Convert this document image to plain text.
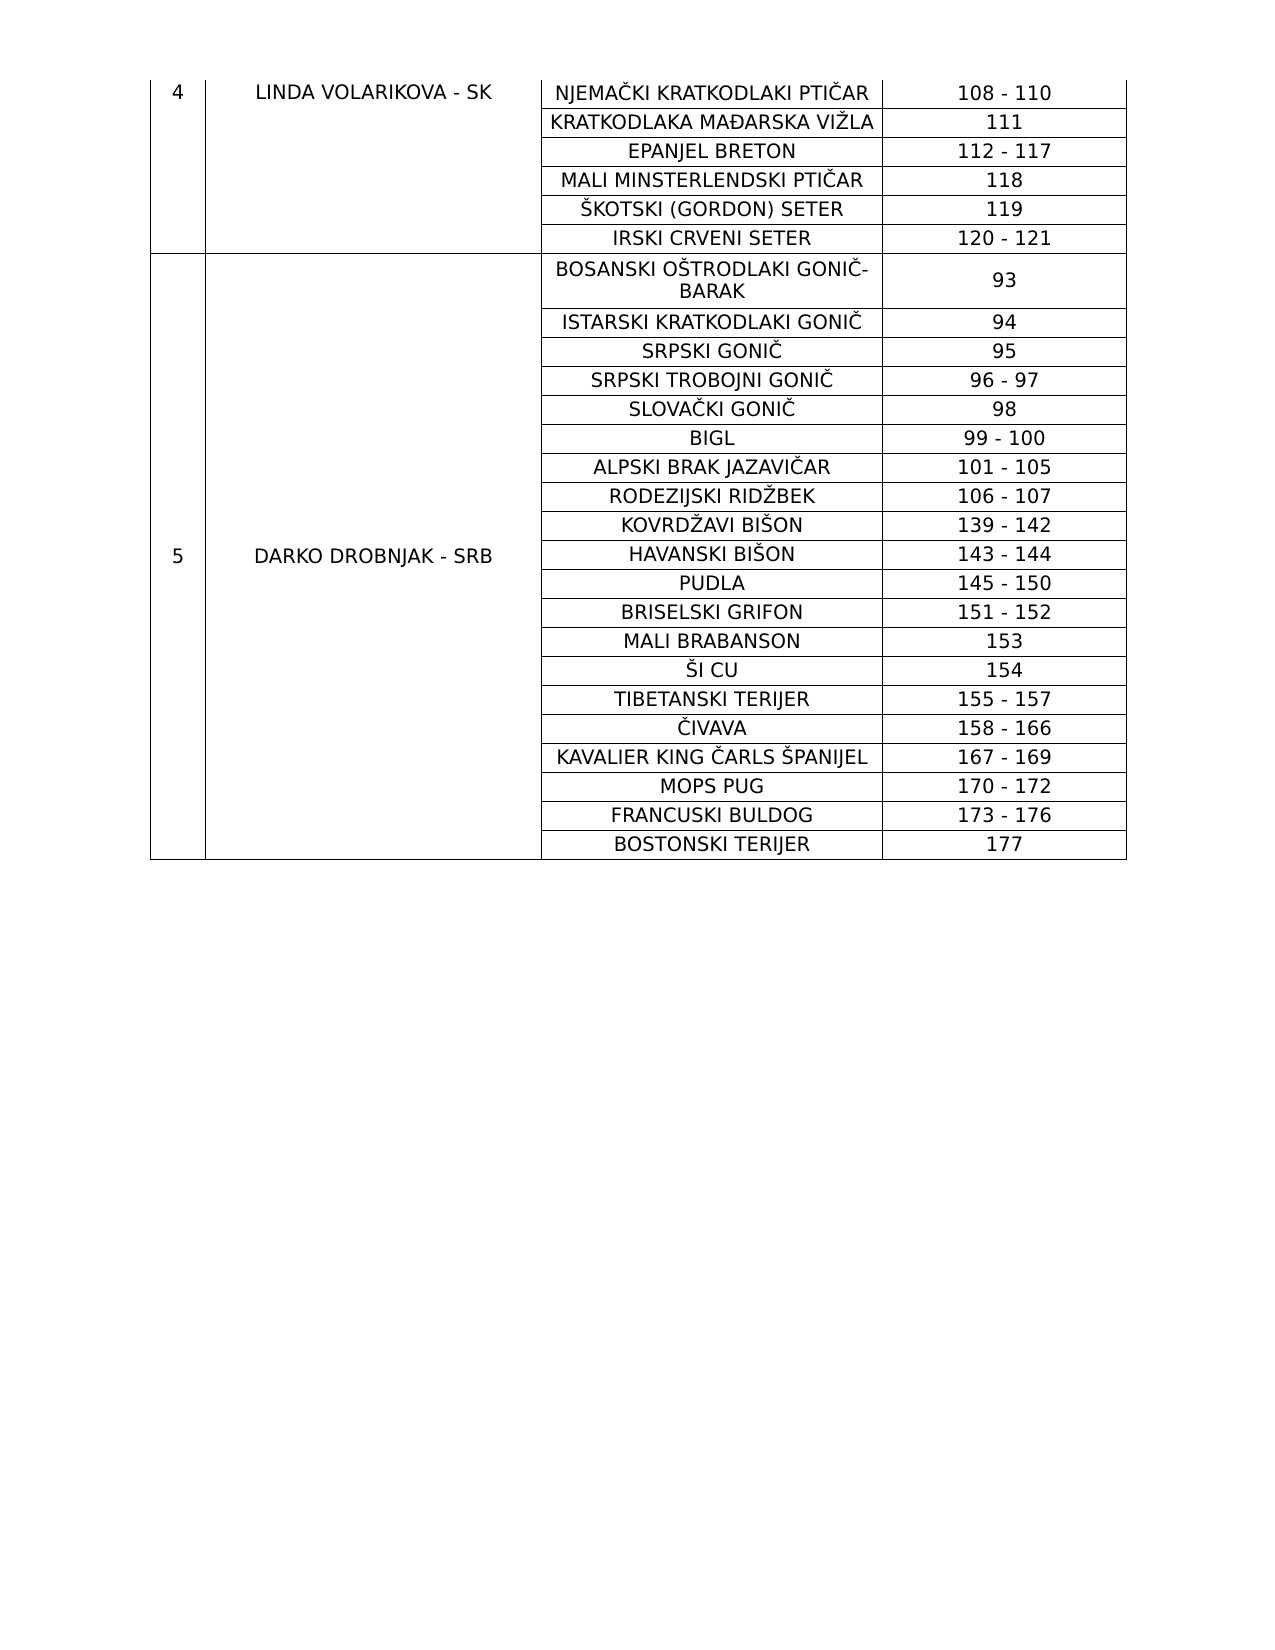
4	LINDA VOLARIKOVA - SK	NJEMAČKI KRATKODLAKI PTIČAR	108 - 110
		KRATKODLAKA MAĐARSKA VIŽLA	111
		EPANJEL BRETON	112 - 117
		MALI MINSTERLENDSKI PTIČAR	118
		ŠKOTSKI (GORDON) SETER	119
		IRSKI CRVENI SETER	120 - 121
5	DARKO DROBNJAK - SRB	BOSANSKI OŠTRODLAKI GONIČ-BARAK	93
		ISTARSKI KRATKODLAKI GONIČ	94
		SRPSKI GONIČ	95
		SRPSKI TROBOJNI GONIČ	96 - 97
		SLOVAČKI GONIČ	98
		BIGL	99 - 100
		ALPSKI BRAK JAZAVIČAR	101 - 105
		RODEZIJSKI RIDŽBEK	106 - 107
		KOVRDŽAVI BIŠON	139 - 142
		HAVANSKI BIŠON	143 - 144
		PUDLA	145 - 150
		BRISELSKI GRIFON	151 - 152
		MALI BRABANSON	153
		ŠI CU	154
		TIBETANSKI TERIJER	155 - 157
		ČIVAVA	158 - 166
		KAVALIER KING ČARLS ŠPANIJEL	167 - 169
		MOPS PUG	170 - 172
		FRANCUSKI BULDOG	173 - 176
		BOSTONSKI TERIJER	177
